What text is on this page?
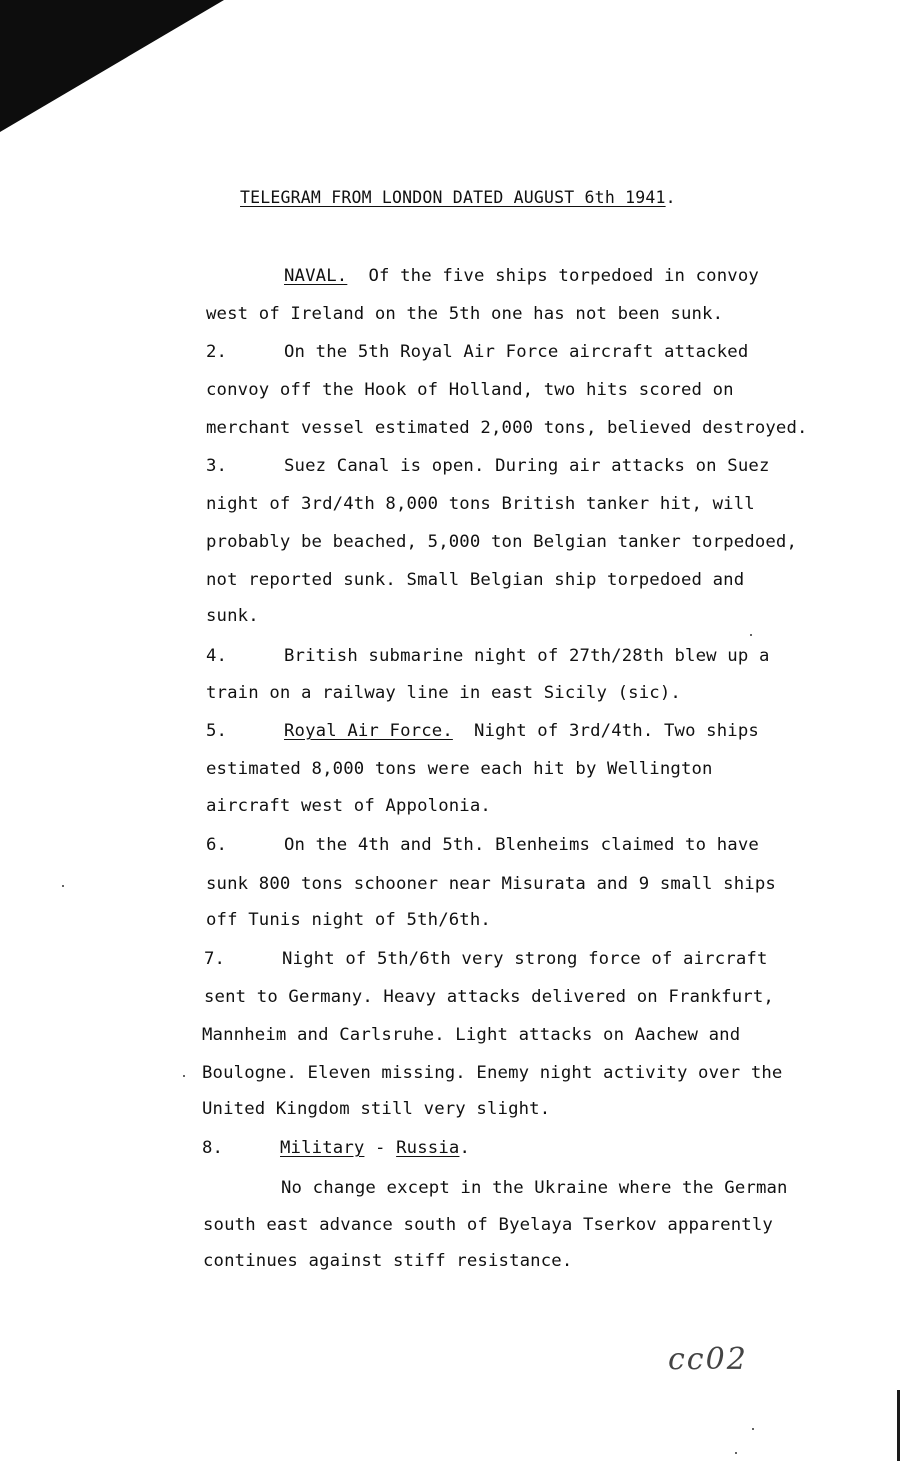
TELEGRAM FROM LONDON DATED AUGUST 6th 1941.
NAVAL. Of the five ships torpedoed in convoy
west of Ireland on the 5th one has not been sunk.
2.	On the 5th Royal Air Force aircraft attacked
convoy off the Hook of Holland, two hits scored on
merchant vessel estimated 2,000 tons, believed destroyed.
3.	Suez Canal is open. During air attacks on Suez
night of 3rd/4th 8,000 tons British tanker hit, will
probably be beached, 5,000 ton Belgian tanker torpedoed,
not reported sunk. Small Belgian ship torpedoed and
sunk.
4.	British submarine night of 27th/28th blew up a
train on a railway line in east Sicily (sic).
5.	Royal Air Force. Night of 3rd/4th. Two ships
estimated 8,000 tons were each hit by Wellington
aircraft west of Appolonia.
6.	On the 4th and 5th. Blenheims claimed to have
sunk 800 tons schooner near Misurata and 9 small ships
off Tunis night of 5th/6th.
7.	Night of 5th/6th very strong force of aircraft
sent to Germany. Heavy attacks delivered on Frankfurt,
Mannheim and Carlsruhe. Light attacks on Aachew and
Boulogne. Eleven missing. Enemy night activity over the
United Kingdom still very slight.
8.	Military - Russia.
No change except in the Ukraine where the German
south east advance south of Byelaya Tserkov apparently
continues against stiff resistance.
cc02
